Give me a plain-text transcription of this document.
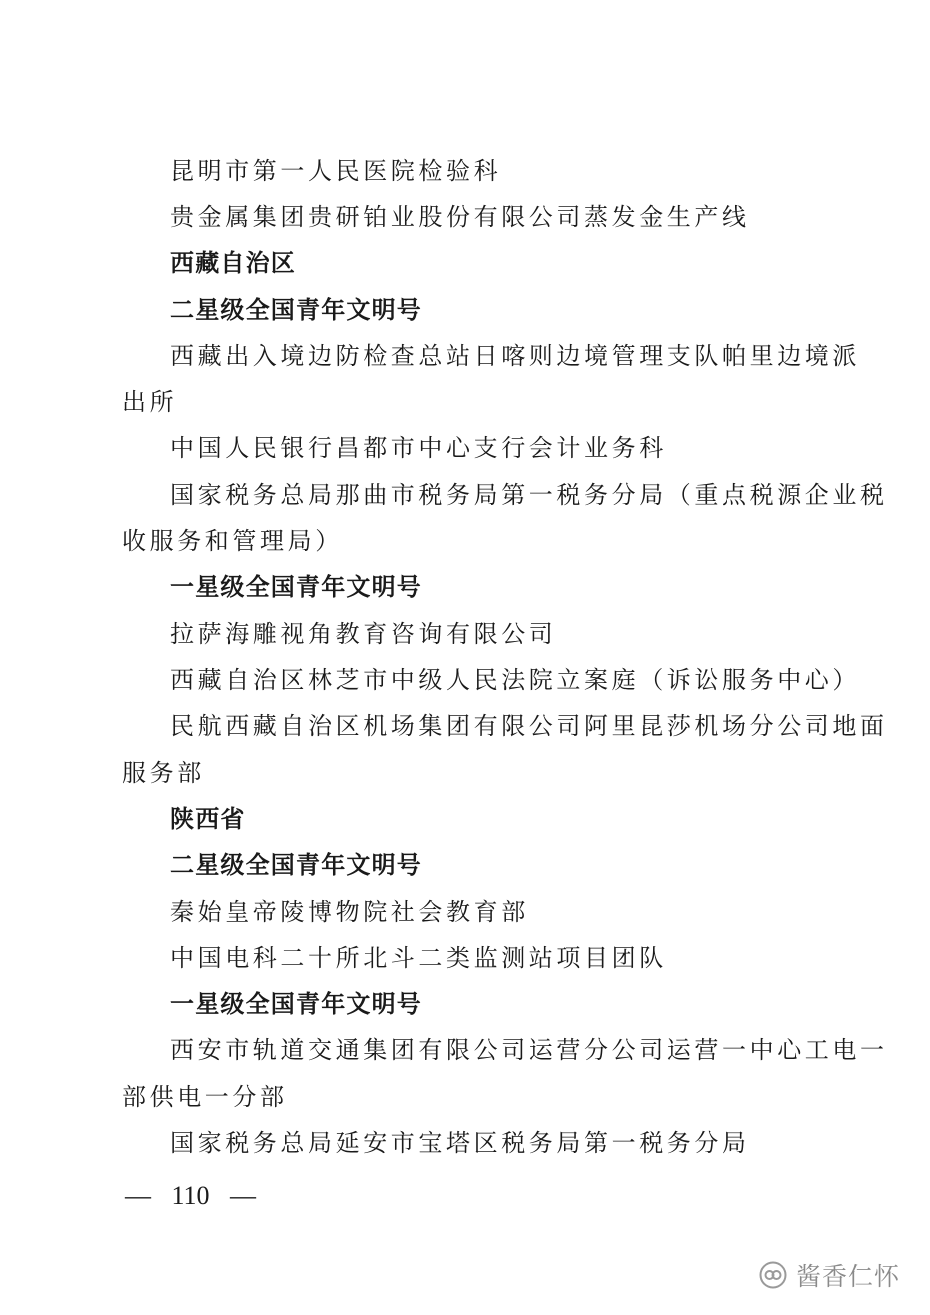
昆明市第一人民医院检验科
贵金属集团贵研铂业股份有限公司蒸发金生产线
西藏自治区
二星级全国青年文明号
西藏出入境边防检查总站日喀则边境管理支队帕里边境派
出所
中国人民银行昌都市中心支行会计业务科
国家税务总局那曲市税务局第一税务分局（重点税源企业税
收服务和管理局）
一星级全国青年文明号
拉萨海雕视角教育咨询有限公司
西藏自治区林芝市中级人民法院立案庭（诉讼服务中心）
民航西藏自治区机场集团有限公司阿里昆莎机场分公司地面
服务部
陕西省
二星级全国青年文明号
秦始皇帝陵博物院社会教育部
中国电科二十所北斗二类监测站项目团队
一星级全国青年文明号
西安市轨道交通集团有限公司运营分公司运营一中心工电一
部供电一分部
国家税务总局延安市宝塔区税务局第一税务分局
— 110 —
酱香仁怀
